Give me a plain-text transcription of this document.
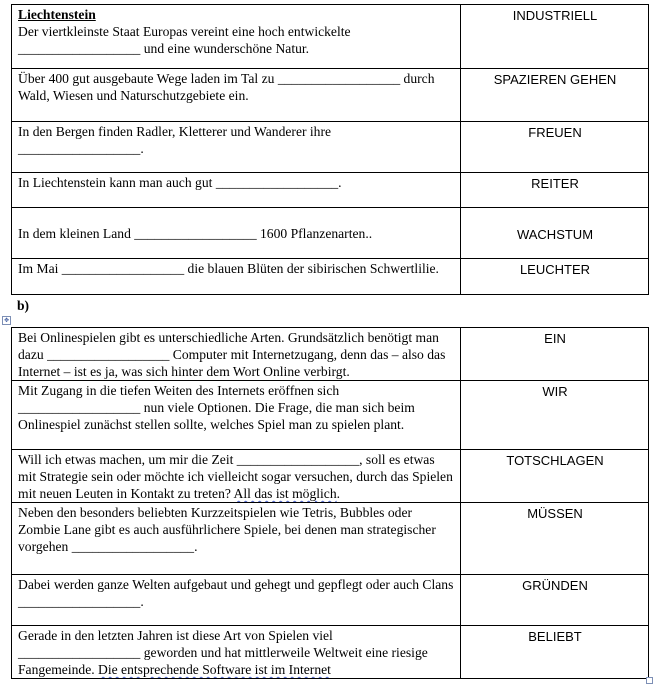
Liechtenstein
Der viertkleinste Staat Europas vereint eine hoch entwickelte __________________ und eine wunderschöne Natur.	INDUSTRIELL
Über 400 gut ausgebaute Wege laden im Tal zu __________________ durch Wald, Wiesen und Naturschutzgebiete ein.	SPAZIEREN GEHEN
In den Bergen finden Radler, Kletterer und Wanderer ihre __________________.	FREUEN
In Liechtenstein kann man auch gut __________________.	REITER
In dem kleinen Land __________________ 1600 Pflanzenarten..	WACHSTUM
Im Mai __________________ die blauen Blüten der sibirischen Schwertlilie.	LEUCHTER
b)
✥
Bei Onlinespielen gibt es unterschiedliche Arten. Grundsätzlich benötigt man dazu __________________ Computer mit Internetzugang, denn das – also das Internet – ist es ja, was sich hinter dem Wort Online verbirgt.	EIN
Mit Zugang in die tiefen Weiten des Internets eröffnen sich __________________ nun viele Optionen. Die Frage, die man sich beim Onlinespiel zunächst stellen sollte, welches Spiel man zu spielen plant.	WIR
Will ich etwas machen, um mir die Zeit __________________, soll es etwas mit Strategie sein oder möchte ich vielleicht sogar versuchen, durch das Spielen mit neuen Leuten in Kontakt zu treten? All das ist möglich.	TOTSCHLAGEN
Neben den besonders beliebten Kurzzeitspielen wie Tetris, Bubbles oder Zombie Lane gibt es auch ausführlichere Spiele, bei denen man strategischer vorgehen __________________.	MÜSSEN
Dabei werden ganze Welten aufgebaut und gehegt und gepflegt oder auch Clans __________________.	GRÜNDEN
Gerade in den letzten Jahren ist diese Art von Spielen viel __________________ geworden und hat mittlerweile Weltweit eine riesige Fangemeinde. Die entsprechende Software ist im Internet	BELIEBT
